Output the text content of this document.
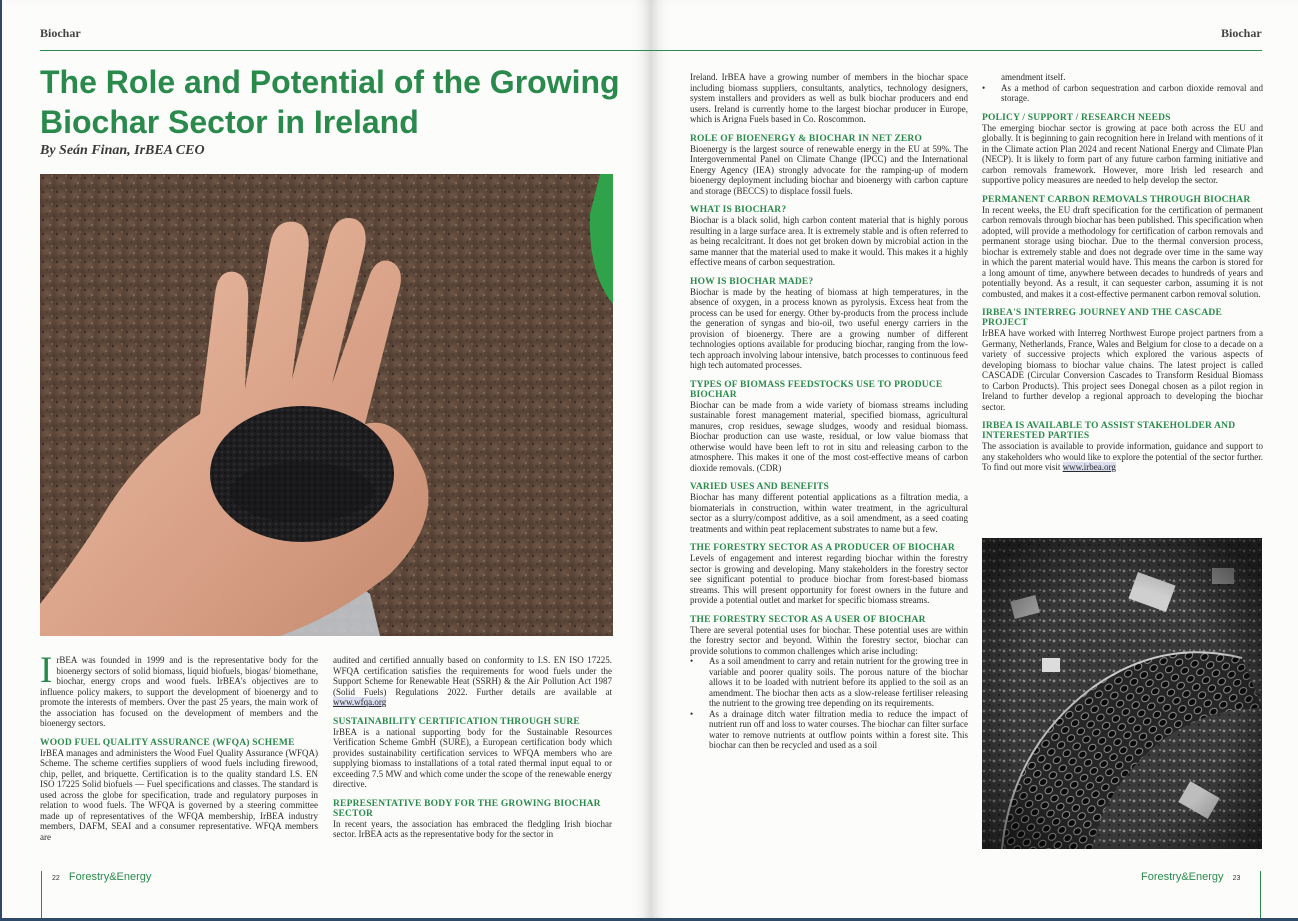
Biochar
The Role and Potential of the Growing Biochar Sector in Ireland
By Seán Finan, IrBEA CEO

IrBEA was founded in 1999 and is the representative body for the bioenergy sectors of solid biomass, liquid biofuels, biogas/ biomethane, biochar, energy crops and wood fuels. IrBEA's objectives are to influence policy makers, to support the development of bioenergy and to promote the interests of members. Over the past 25 years, the main work of the association has focused on the development of members and the bioenergy sectors.

WOOD FUEL QUALITY ASSURANCE (WFQA) SCHEME

IrBEA manages and administers the Wood Fuel Quality Assurance (WFQA) Scheme. The scheme certifies suppliers of wood fuels including firewood, chip, pellet, and briquette. Certification is to the quality standard I.S. EN ISO 17225 Solid biofuels — Fuel specifications and classes. The standard is used across the globe for specification, trade and regulatory purposes in relation to wood fuels. The WFQA is governed by a steering committee made up of representatives of the WFQA membership, IrBEA industry members, DAFM, SEAI and a consumer representative. WFQA members are

audited and certified annually based on conformity to I.S. EN ISO 17225. WFQA certification satisfies the requirements for wood fuels under the Support Scheme for Renewable Heat (SSRH) & the Air Pollution Act 1987 (Solid Fuels) Regulations 2022. Further details are available at www.wfqa.org

SUSTAINABILITY CERTIFICATION THROUGH SURE

IrBEA is a national supporting body for the Sustainable Resources Verification Scheme GmbH (SURE), a European certification body which provides sustainability certification services to WFQA members who are supplying biomass to installations of a total rated thermal input equal to or exceeding 7.5 MW and which come under the scope of the renewable energy directive.

REPRESENTATIVE BODY FOR THE GROWING BIOCHAR SECTOR

In recent years, the association has embraced the fledgling Irish biochar sector. IrBEA acts as the representative body for the sector in

22 Forestry&Energy
Biochar

Ireland. IrBEA have a growing number of members in the biochar space including biomass suppliers, consultants, analytics, technology designers, system installers and providers as well as bulk biochar producers and end users. Ireland is currently home to the largest biochar producer in Europe, which is Arigna Fuels based in Co. Roscommon.

ROLE OF BIOENERGY & BIOCHAR IN NET ZERO

Bioenergy is the largest source of renewable energy in the EU at 59%. The Intergovernmental Panel on Climate Change (IPCC) and the International Energy Agency (IEA) strongly advocate for the ramping-up of modern bioenergy deployment including biochar and bioenergy with carbon capture and storage (BECCS) to displace fossil fuels.

WHAT IS BIOCHAR?

Biochar is a black solid, high carbon content material that is highly porous resulting in a large surface area. It is extremely stable and is often referred to as being recalcitrant. It does not get broken down by microbial action in the same manner that the material used to make it would. This makes it a highly effective means of carbon sequestration.

HOW IS BIOCHAR MADE?

Biochar is made by the heating of biomass at high temperatures, in the absence of oxygen, in a process known as pyrolysis. Excess heat from the process can be used for energy. Other by-products from the process include the generation of syngas and bio-oil, two useful energy carriers in the provision of bioenergy. There are a growing number of different technologies options available for producing biochar, ranging from the low-tech approach involving labour intensive, batch processes to continuous feed high tech automated processes.

TYPES OF BIOMASS FEEDSTOCKS USE TO PRODUCE BIOCHAR

Biochar can be made from a wide variety of biomass streams including sustainable forest management material, specified biomass, agricultural manures, crop residues, sewage sludges, woody and residual biomass. Biochar production can use waste, residual, or low value biomass that otherwise would have been left to rot in situ and releasing carbon to the atmosphere. This makes it one of the most cost-effective means of carbon dioxide removals. (CDR)

VARIED USES AND BENEFITS

Biochar has many different potential applications as a filtration media, a biomaterials in construction, within water treatment, in the agricultural sector as a slurry/compost additive, as a soil amendment, as a seed coating treatments and within peat replacement substrates to name but a few.

THE FORESTRY SECTOR AS A PRODUCER OF BIOCHAR

Levels of engagement and interest regarding biochar within the forestry sector is growing and developing. Many stakeholders in the forestry sector see significant potential to produce biochar from forest-based biomass streams. This will present opportunity for forest owners in the future and provide a potential outlet and market for specific biomass streams.

THE FORESTRY SECTOR AS A USER OF BIOCHAR

There are several potential uses for biochar. These potential uses are within the forestry sector and beyond. Within the forestry sector, biochar can provide solutions to common challenges which arise including:

• As a soil amendment to carry and retain nutrient for the growing tree in variable and poorer quality soils. The porous nature of the biochar allows it to be loaded with nutrient before its applied to the soil as an amendment. The biochar then acts as a slow-release fertiliser releasing the nutrient to the growing tree depending on its requirements.
• As a drainage ditch water filtration media to reduce the impact of nutrient run off and loss to water courses. The biochar can filter surface water to remove nutrients at outflow points within a forest site. This biochar can then be recycled and used as a soil

amendment itself.

• As a method of carbon sequestration and carbon dioxide removal and storage.
POLICY / SUPPORT / RESEARCH NEEDS

The emerging biochar sector is growing at pace both across the EU and globally. It is beginning to gain recognition here in Ireland with mentions of it in the Climate action Plan 2024 and recent National Energy and Climate Plan (NECP). It is likely to form part of any future carbon farming initiative and carbon removals framework. However, more Irish led research and supportive policy measures are needed to help develop the sector.

PERMANENT CARBON REMOVALS THROUGH BIOCHAR

In recent weeks, the EU draft specification for the certification of permanent carbon removals through biochar has been published. This specification when adopted, will provide a methodology for certification of carbon removals and permanent storage using biochar. Due to the thermal conversion process, biochar is extremely stable and does not degrade over time in the same way in which the parent material would have. This means the carbon is stored for a long amount of time, anywhere between decades to hundreds of years and potentially beyond. As a result, it can sequester carbon, assuming it is not combusted, and makes it a cost-effective permanent carbon removal solution.

IRBEA'S INTERREG JOURNEY AND THE CASCADE PROJECT

IrBEA have worked with Interreg Northwest Europe project partners from a Germany, Netherlands, France, Wales and Belgium for close to a decade on a variety of successive projects which explored the various aspects of developing biomass to biochar value chains. The latest project is called CASCADE (Circular Conversion Cascades to Transform Residual Biomass to Carbon Products). This project sees Donegal chosen as a pilot region in Ireland to further develop a regional approach to developing the biochar sector.

IRBEA IS AVAILABLE TO ASSIST STAKEHOLDER AND INTERESTED PARTIES

The association is available to provide information, guidance and support to any stakeholders who would like to explore the potential of the sector further. To find out more visit www.irbea.org

Forestry&Energy 23
